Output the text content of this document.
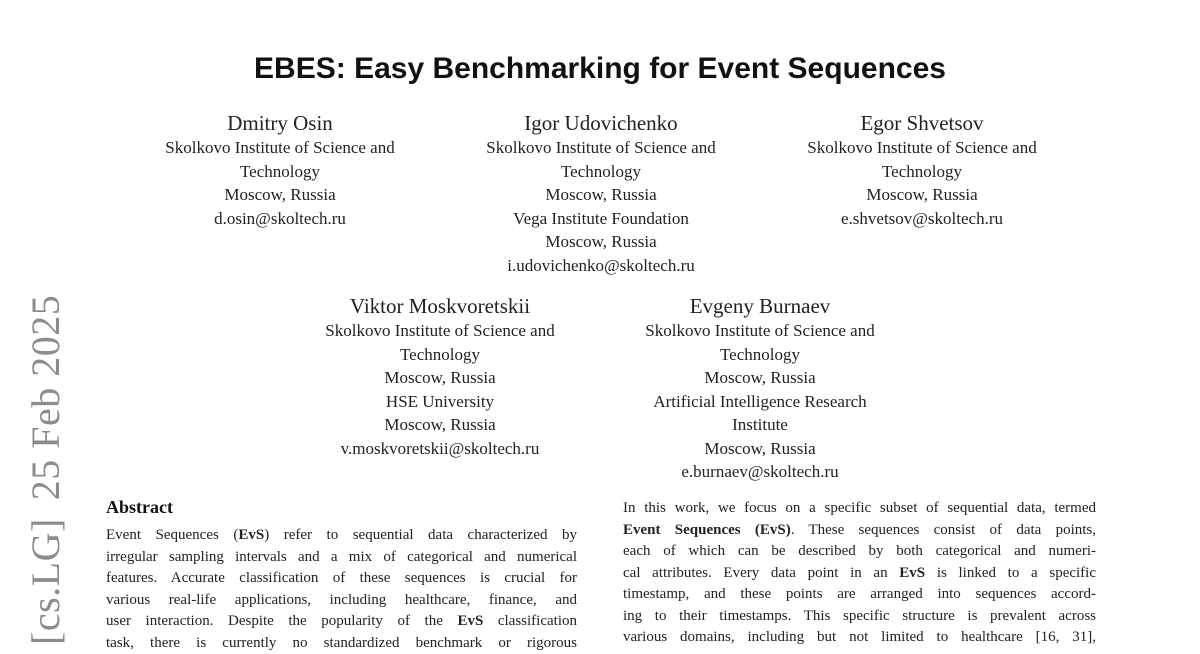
[cs.LG]25 Feb 2025
EBES: Easy Benchmarking for Event Sequences
Dmitry Osin
Skolkovo Institute of Science and
Technology
Moscow, Russia
d.osin@skoltech.ru
Igor Udovichenko
Skolkovo Institute of Science and
Technology
Moscow, Russia
Vega Institute Foundation
Moscow, Russia
i.udovichenko@skoltech.ru
Egor Shvetsov
Skolkovo Institute of Science and
Technology
Moscow, Russia
e.shvetsov@skoltech.ru
Viktor Moskvoretskii
Skolkovo Institute of Science and
Technology
Moscow, Russia
HSE University
Moscow, Russia
v.moskvoretskii@skoltech.ru
Evgeny Burnaev
Skolkovo Institute of Science and
Technology
Moscow, Russia
Artificial Intelligence Research
Institute
Moscow, Russia
e.burnaev@skoltech.ru
Abstract
Event Sequences (EvS) refer to sequential data characterized by
irregular sampling intervals and a mix of categorical and numerical
features. Accurate classification of these sequences is crucial for
various real-life applications, including healthcare, finance, and
user interaction. Despite the popularity of the EvS classification
task, there is currently no standardized benchmark or rigorous
In this work, we focus on a specific subset of sequential data, termed
Event Sequences (EvS). These sequences consist of data points,
each of which can be described by both categorical and numeri-
cal attributes. Every data point in an EvS is linked to a specific
timestamp, and these points are arranged into sequences accord-
ing to their timestamps. This specific structure is prevalent across
various domains, including but not limited to healthcare [16, 31],
